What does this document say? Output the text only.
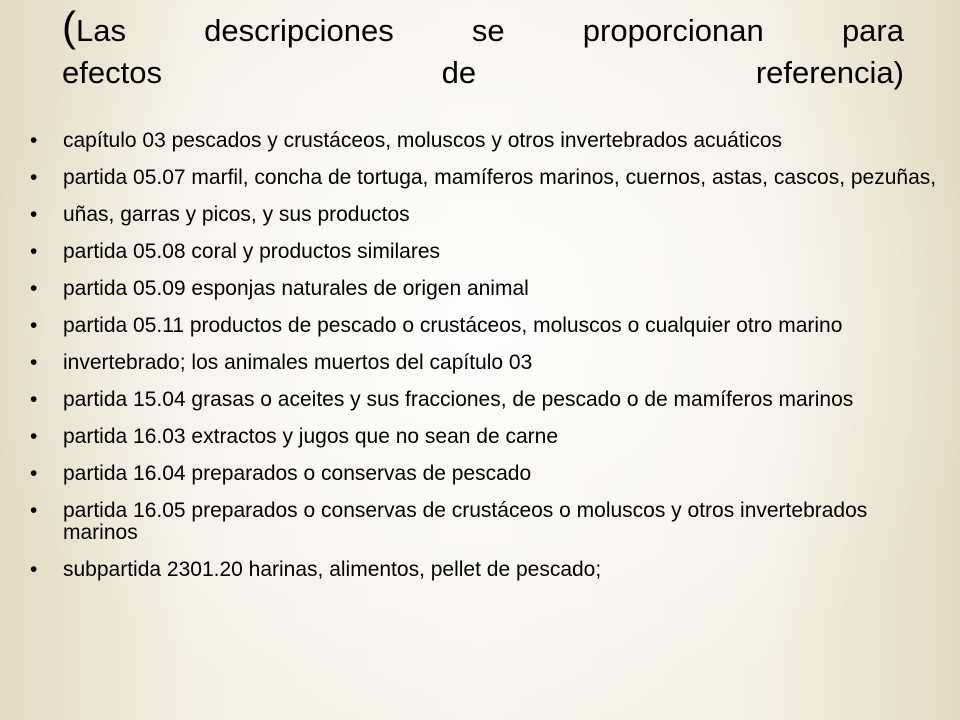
(Las descripciones se proporcionan para
efectos de referencia)
• capítulo 03 pescados y crustáceos, moluscos y otros invertebrados acuáticos
• partida 05.07 marfil, concha de tortuga, mamíferos marinos, cuernos, astas, cascos, pezuñas,
• uñas, garras y picos, y sus productos
• partida 05.08 coral y productos similares
• partida 05.09 esponjas naturales de origen animal
• partida 05.11 productos de pescado o crustáceos, moluscos o cualquier otro marino
• invertebrado; los animales muertos del capítulo 03
• partida 15.04 grasas o aceites y sus fracciones, de pescado o de mamíferos marinos
• partida 16.03 extractos y jugos que no sean de carne
• partida 16.04 preparados o conservas de pescado
• partida 16.05 preparados o conservas de crustáceos o moluscos y otros invertebrados marinos
• subpartida 2301.20 harinas, alimentos, pellet de pescado;
